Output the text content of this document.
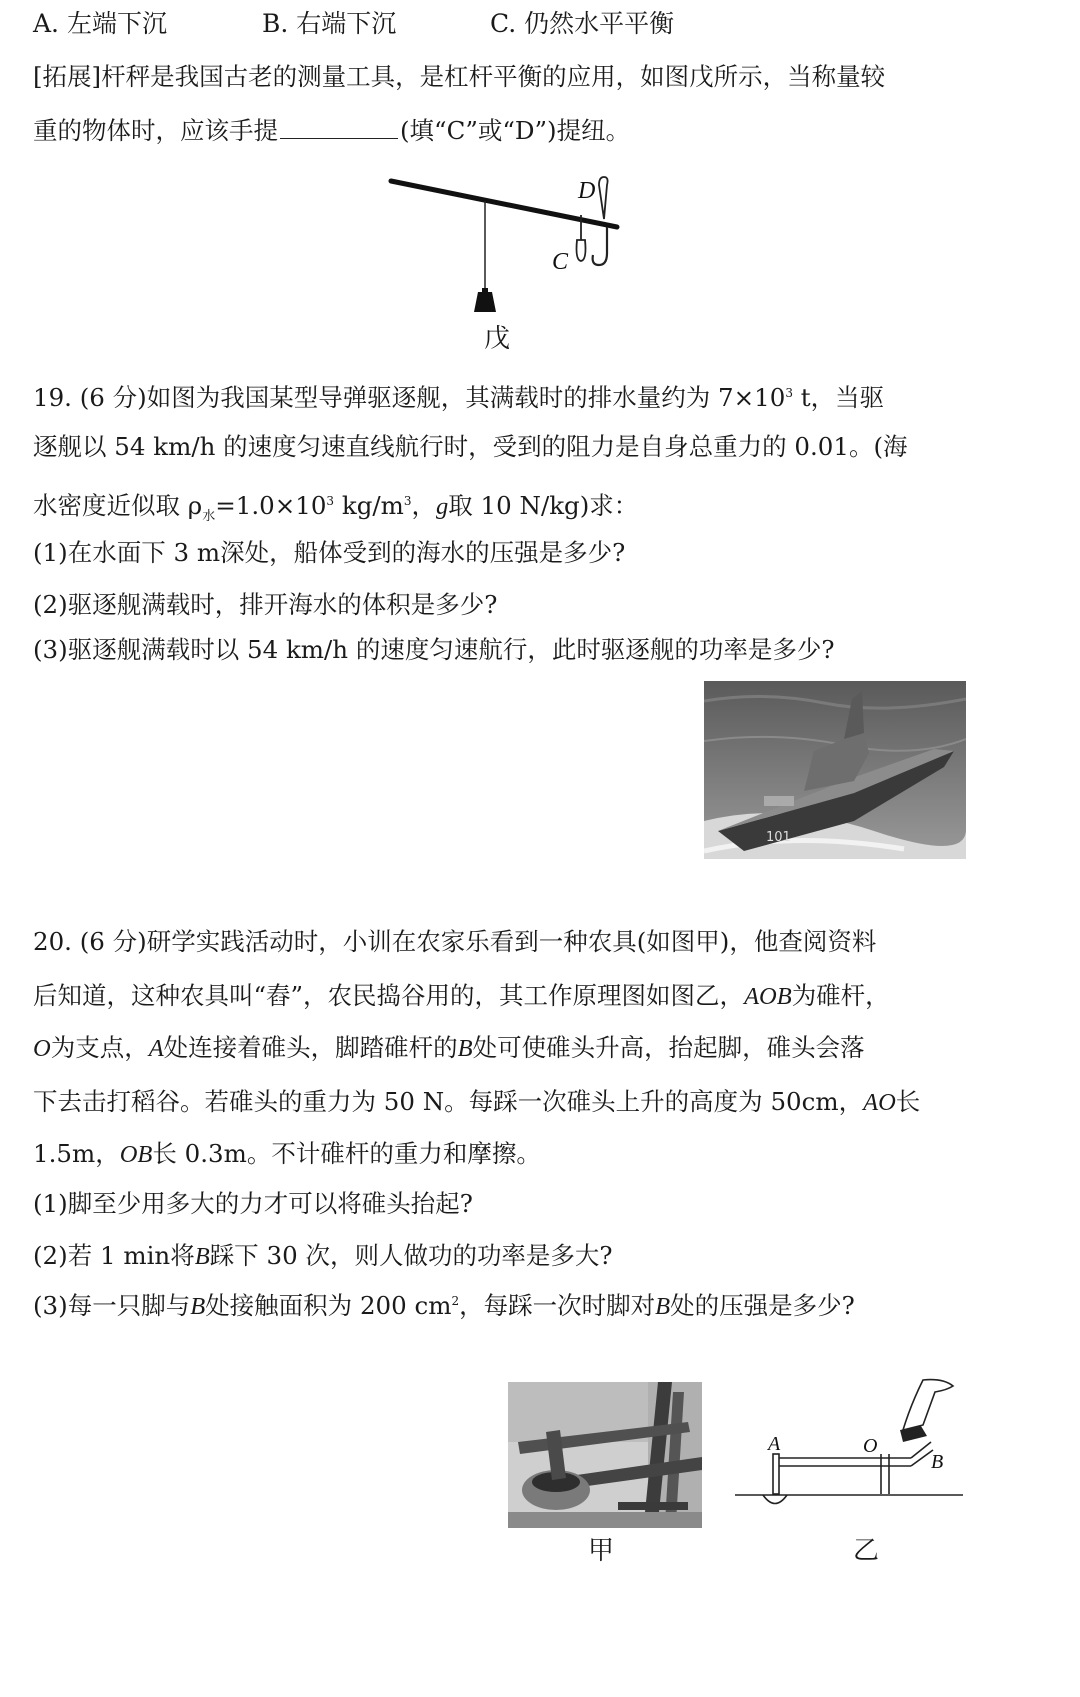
A. 左端下沉	B. 右端下沉	C. 仍然水平平衡
[拓展]杆秤是我国古老的测量工具，是杠杆平衡的应用，如图戊所示，当称量较
重的物体时，应该手提	(填“C”或“D”)提纽。
D
C
戊
19. (6 分)如图为我国某型导弹驱逐舰，其满载时的排水量约为 $7\times 10^3$ t，当驱
逐舰以 54 km/h 的速度匀速直线航行时，受到的阻力是自身总重力的 0.01。(海
水密度近似取 $\rho_水=1.0\times 10^3$ $kg/m^3$，g取 10 N/kg)求：
(1)在水面下 3 m深处，船体受到的海水的压强是多少?
(2)驱逐舰满载时，排开海水的体积是多少?
(3)驱逐舰满载时以 54 km/h 的速度匀速航行，此时驱逐舰的功率是多少?
101
20. (6 分)研学实践活动时，小训在农家乐看到一种农具(如图甲)，他查阅资料
后知道，这种农具叫“舂”，农民捣谷用的，其工作原理图如图乙，AOB为碓杆，
O为支点，A处连接着碓头，脚踏碓杆的B处可使碓头升高，抬起脚，碓头会落
下去击打稻谷。若碓头的重力为 50 N。每踩一次碓头上升的高度为 50cm，AO长
1.5m，OB长 0.3m。不计碓杆的重力和摩擦。
(1)脚至少用多大的力才可以将碓头抬起?
(2)若 1 min将B踩下 30 次，则人做功的功率是多大?
(3)每一只脚与B处接触面积为 200 $cm^2$，每踩一次时脚对B处的压强是多少?
甲
A	O
B
乙
